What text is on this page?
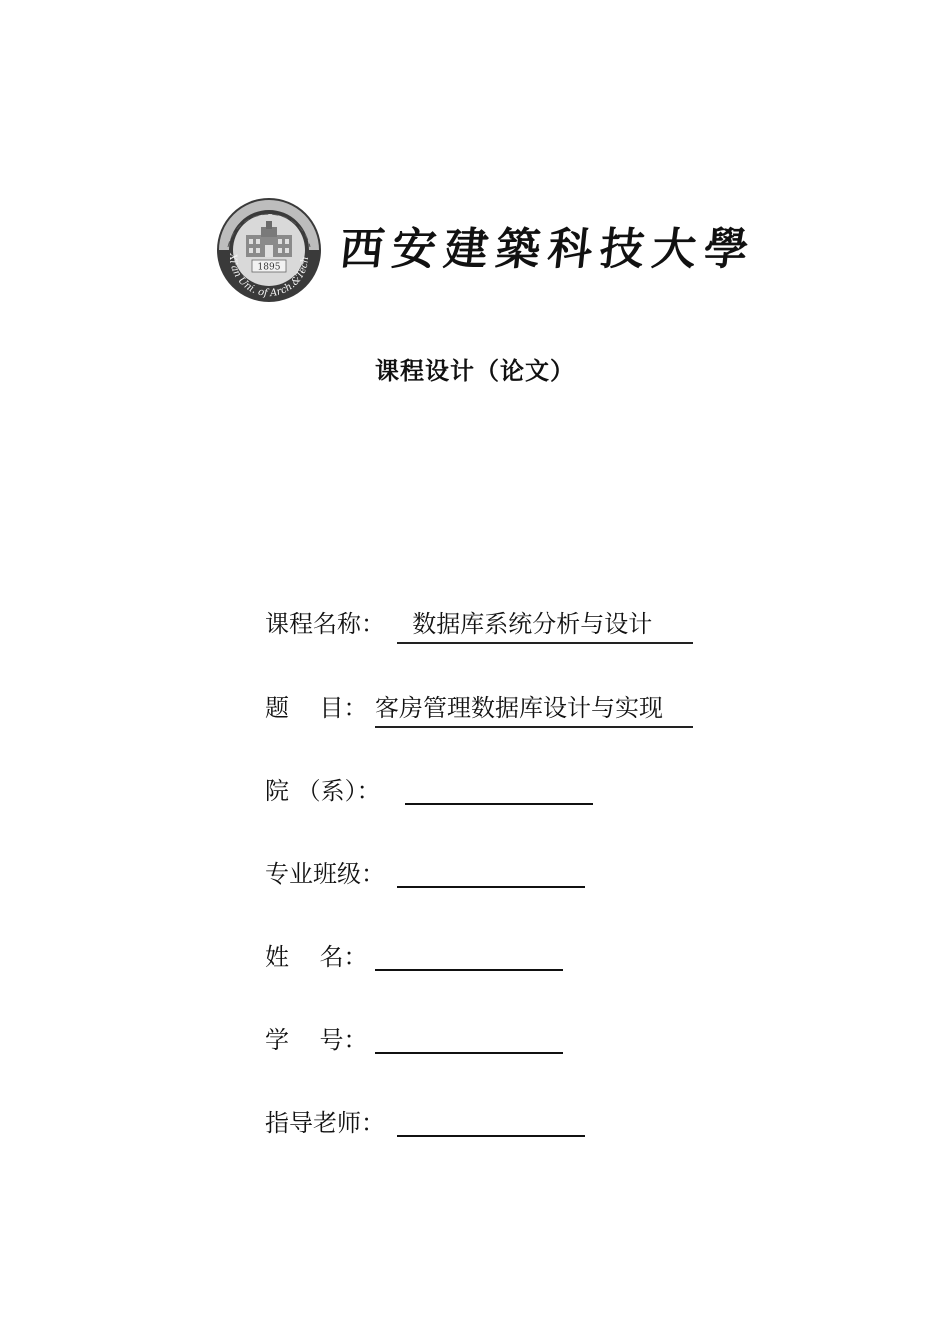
1895
Xi'an Uni. of Arch.&Tech 西安建築科技大學
课程设计（论文）
课程名称： 数据库系统分析与设计
题    目： 客房管理数据库设计与实现
院 （系）：
专业班级：
姓    名：
学    号：
指导老师：
